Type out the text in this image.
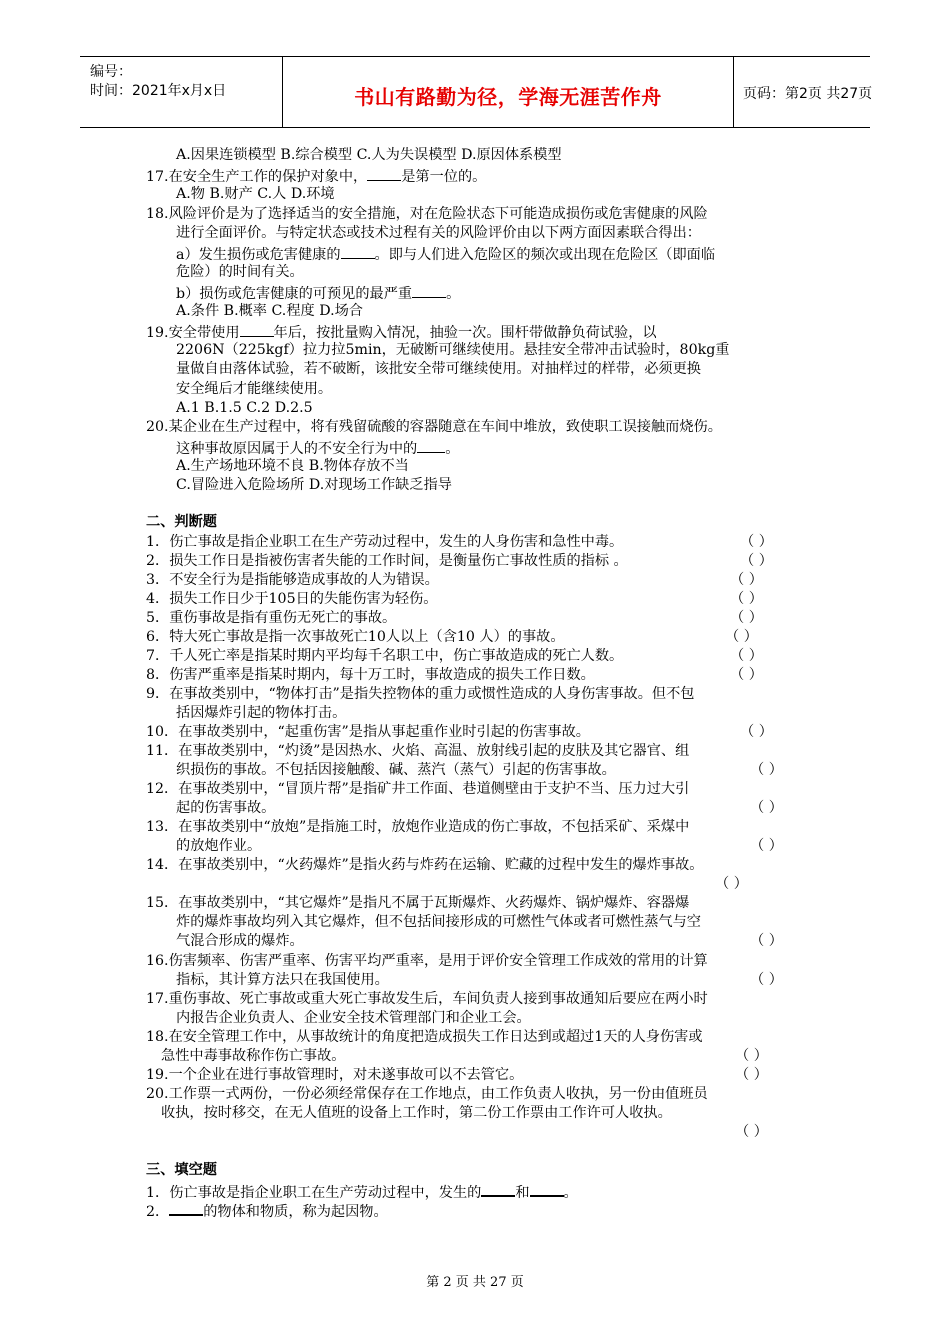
编号：
时间：2021年x月x日	书山有路勤为径，学海无涯苦作舟	页码：第2页 共27页
A.因果连锁模型 B.综合模型 C.人为失误模型 D.原因体系模型
17.在安全生产工作的保护对象中， 是第一位的。
A.物 B.财产 C.人 D.环境
18.风险评价是为了选择适当的安全措施，对在危险状态下可能造成损伤或危害健康的风险
进行全面评价。与特定状态或技术过程有关的风险评价由以下两方面因素联合得出：
a）发生损伤或危害健康的 。即与人们进入危险区的频次或出现在危险区（即面临
危险）的时间有关。
b）损伤或危害健康的可预见的最严重 。
A.条件 B.概率 C.程度 D.场合
19.安全带使用 年后，按批量购入情况，抽验一次。围杆带做静负荷试验，以
2206N（225kgf）拉力拉5min，无破断可继续使用。悬挂安全带冲击试验时，80kg重
量做自由落体试验，若不破断，该批安全带可继续使用。对抽样过的样带，必须更换
安全绳后才能继续使用。
A.1 B.1.5 C.2 D.2.5
20.某企业在生产过程中，将有残留硫酸的容器随意在车间中堆放，致使职工误接触而烧伤。
这种事故原因属于人的不安全行为中的 。
A.生产场地环境不良 B.物体存放不当
C.冒险进入危险场所 D.对现场工作缺乏指导
二、判断题
1．伤亡事故是指企业职工在生产劳动过程中，发生的人身伤害和急性中毒。	（ ）
2．损失工作日是指被伤害者失能的工作时间，是衡量伤亡事故性质的指标 。	（ ）
3．不安全行为是指能够造成事故的人为错误。	（ ）
4．损失工作日少于105日的失能伤害为轻伤。	（ ）
5．重伤事故是指有重伤无死亡的事故。	（ ）
6．特大死亡事故是指一次事故死亡10人以上（含10 人）的事故。	（ ）
7．千人死亡率是指某时期内平均每千名职工中，伤亡事故造成的死亡人数。	（ ）
8．伤害严重率是指某时期内，每十万工时，事故造成的损失工作日数。	（ ）
9．在事故类别中，“物体打击”是指失控物体的重力或惯性造成的人身伤害事故。但不包
括因爆炸引起的物体打击。
10．在事故类别中，“起重伤害”是指从事起重作业时引起的伤害事故。	（ ）
11．在事故类别中，“灼烫”是因热水、火焰、高温、放射线引起的皮肤及其它器官、组
织损伤的事故。不包括因接触酸、碱、蒸汽（蒸气）引起的伤害事故。	（ ）
12．在事故类别中，“冒顶片帮”是指矿井工作面、巷道侧壁由于支护不当、压力过大引
起的伤害事故。	（ ）
13．在事故类别中“放炮”是指施工时，放炮作业造成的伤亡事故，不包括采矿、采煤中
的放炮作业。	（ ）
14．在事故类别中，“火药爆炸”是指火药与炸药在运输、贮藏的过程中发生的爆炸事故。
（ ）
15．在事故类别中，“其它爆炸”是指凡不属于瓦斯爆炸、火药爆炸、锅炉爆炸、容器爆
炸的爆炸事故均列入其它爆炸，但不包括间接形成的可燃性气体或者可燃性蒸气与空
气混合形成的爆炸。	（ ）
16.伤害频率、伤害严重率、伤害平均严重率，是用于评价安全管理工作成效的常用的计算
指标，其计算方法只在我国使用。	（ ）
17.重伤事故、死亡事故或重大死亡事故发生后，车间负责人接到事故通知后要应在两小时
内报告企业负责人、企业安全技术管理部门和企业工会。
18.在安全管理工作中，从事故统计的角度把造成损失工作日达到或超过1天的人身伤害或
急性中毒事故称作伤亡事故。	（ ）
19.一个企业在进行事故管理时，对未遂事故可以不去管它。	（ ）
20.工作票一式两份，一份必须经常保存在工作地点，由工作负责人收执，另一份由值班员
收执，按时移交，在无人值班的设备上工作时，第二份工作票由工作许可人收执。
（ ）
三、填空题
1．伤亡事故是指企业职工在生产劳动过程中，发生的 和 。
2． 的物体和物质，称为起因物。
第 2 页 共 27 页
